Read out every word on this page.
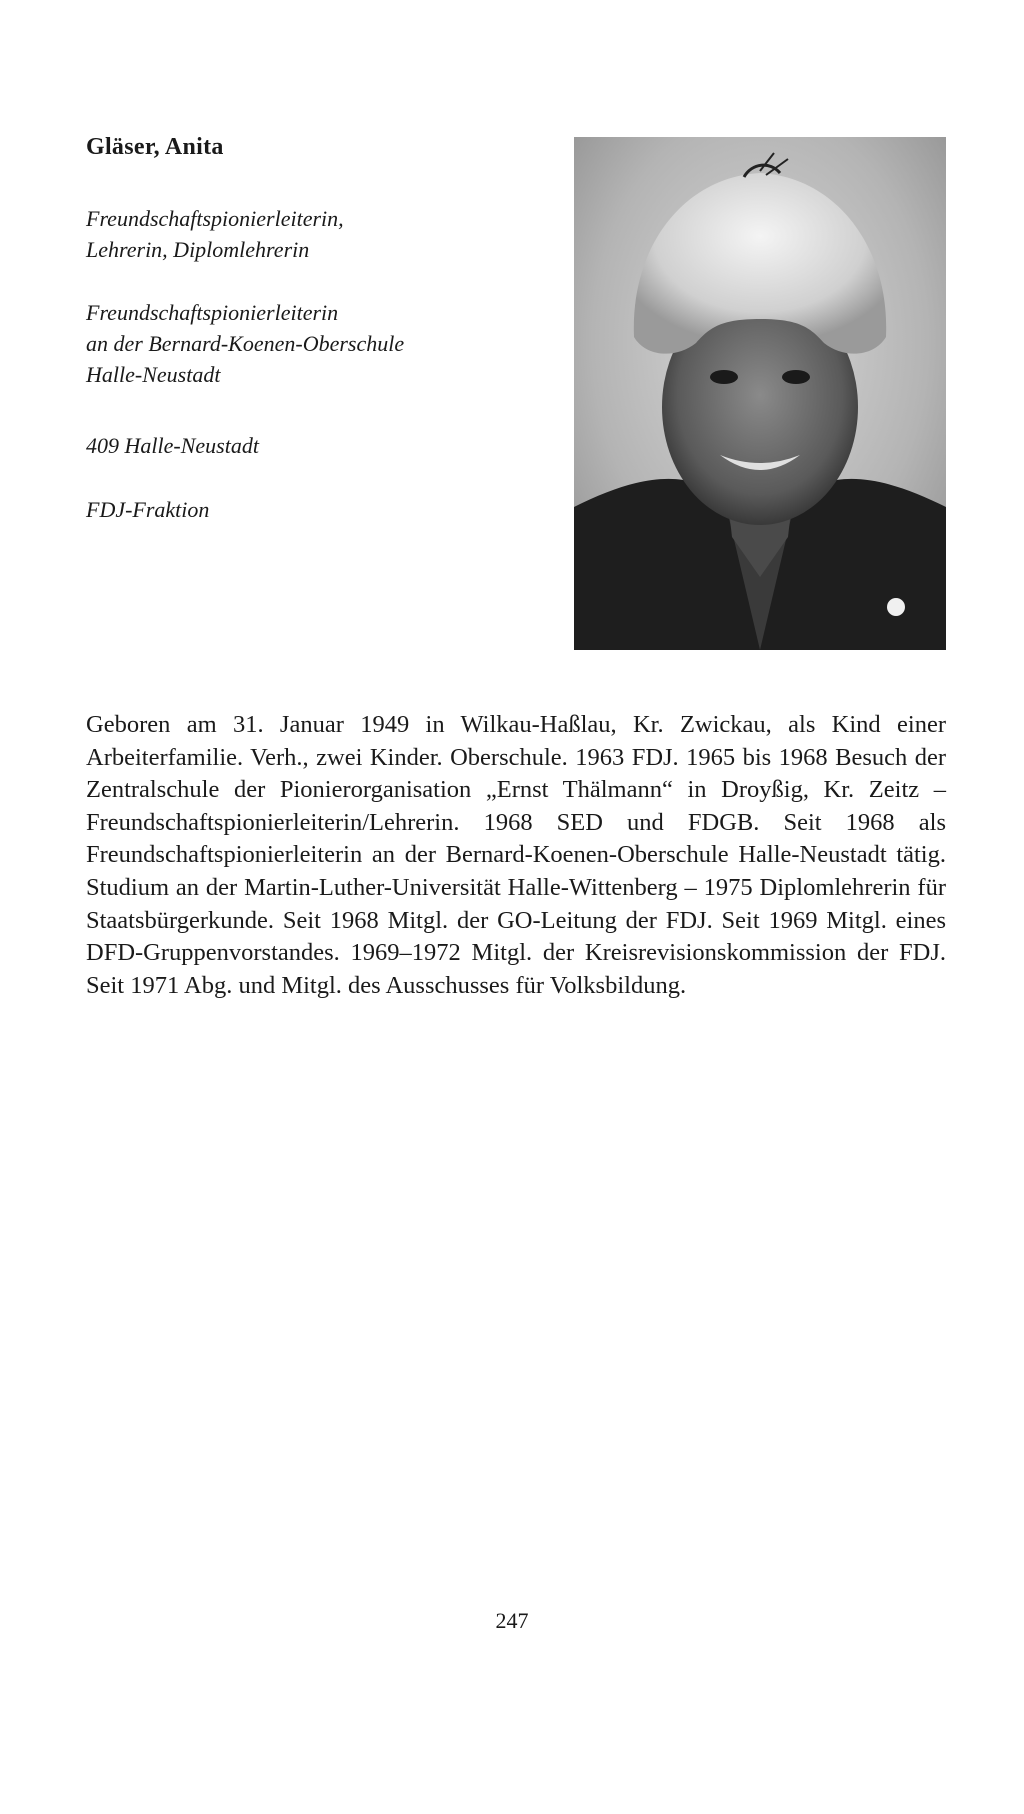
Gläser, Anita

Freundschaftspionierleiterin,
Lehrerin, Diplomlehrerin

Freundschaftspionierleiterin
an der Bernard-Koenen-Oberschule
Halle-Neustadt

409 Halle-Neustadt

FDJ-Fraktion

Geboren am 31. Januar 1949 in Wilkau-Haßlau, Kr. Zwickau, als Kind einer Arbeiterfamilie. Verh., zwei Kinder. Oberschule. 1963 FDJ. 1965 bis 1968 Besuch der Zentralschule der Pionierorganisation „Ernst Thälmann“ in Droyßig, Kr. Zeitz – Freundschaftspionierleiterin/Lehrerin. 1968 SED und FDGB. Seit 1968 als Freundschaftspionierleiterin an der Bernard-Koenen-Oberschule Halle-Neustadt tätig. Studium an der Martin-Luther-Universität Halle-Wittenberg – 1975 Diplomlehrerin für Staatsbürgerkunde. Seit 1968 Mitgl. der GO-Leitung der FDJ. Seit 1969 Mitgl. eines DFD-Gruppenvorstandes. 1969–1972 Mitgl. der Kreisrevisionskommission der FDJ. Seit 1971 Abg. und Mitgl. des Ausschusses für Volksbildung.

247
